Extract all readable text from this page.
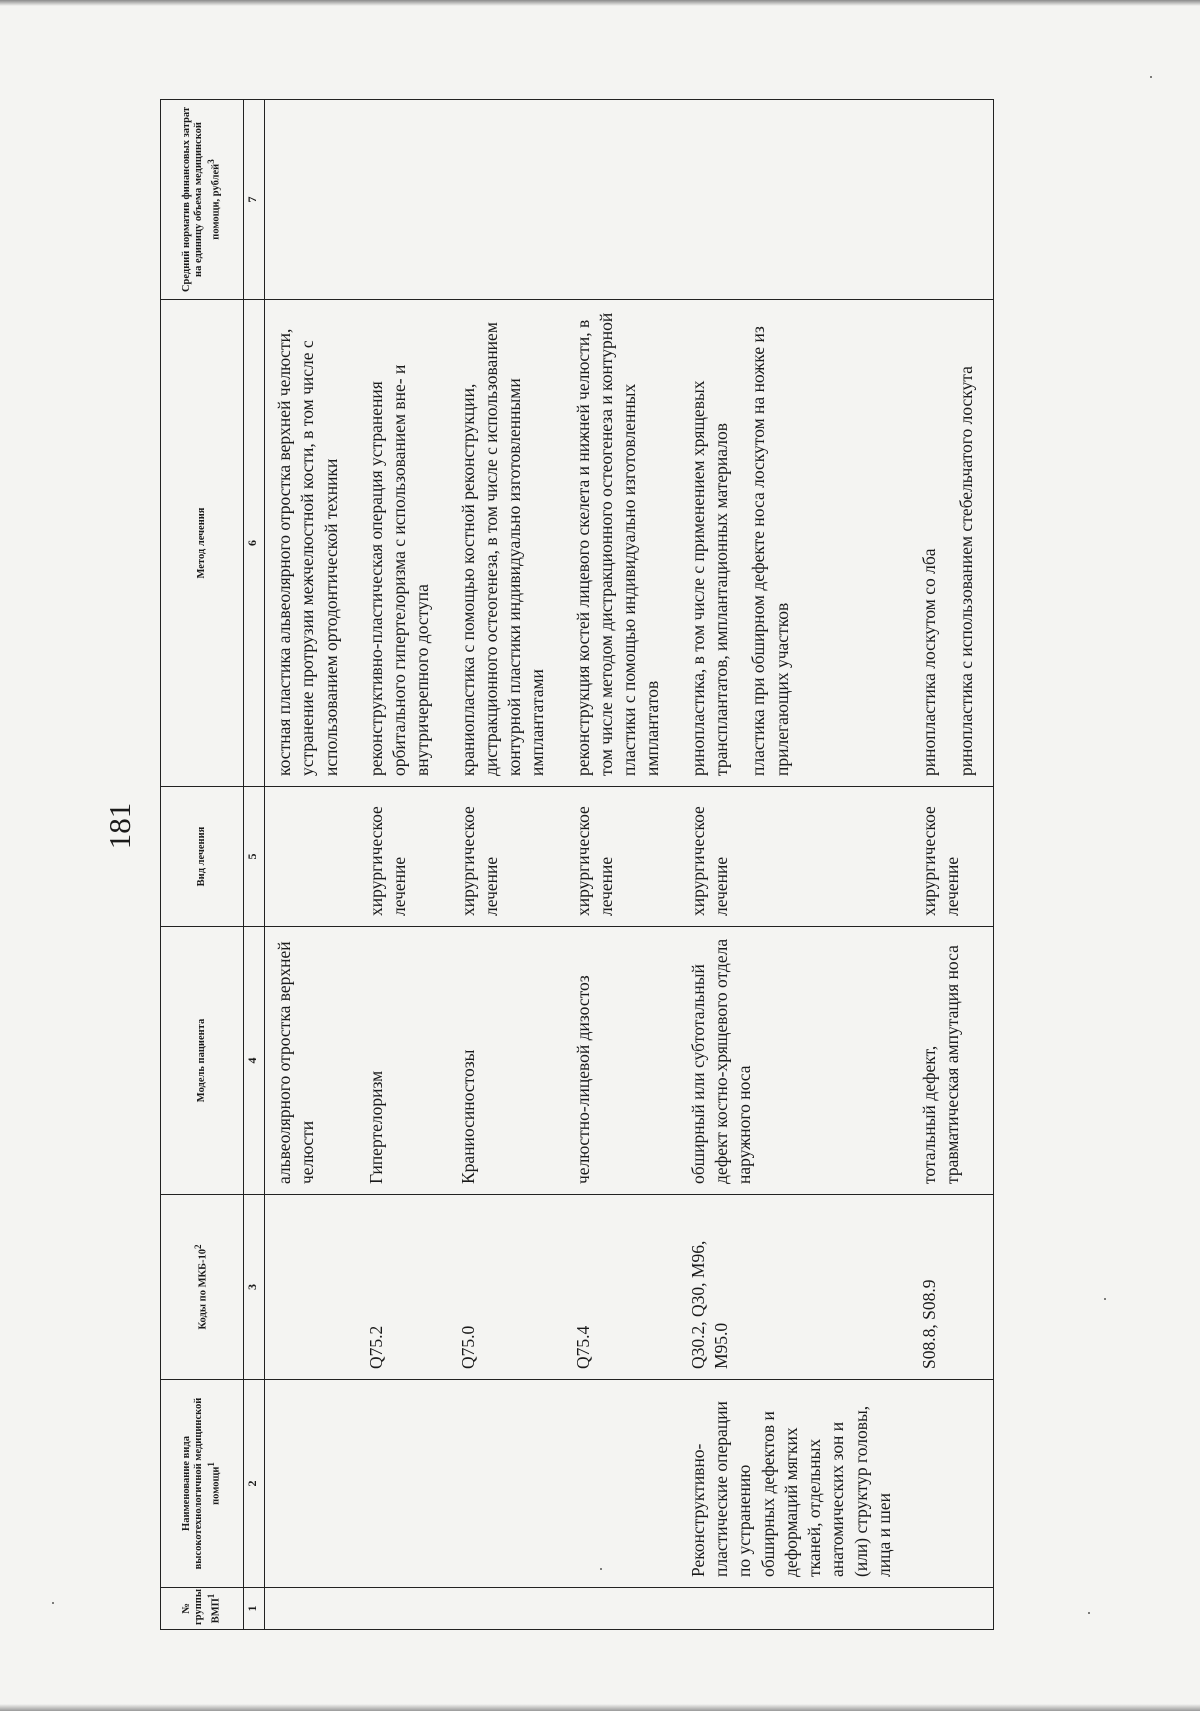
181
№ группы ВМП$^1$	Наименование вида высокотехнологичной медицинской помощи$^1$	Коды по МКБ-$10^2$	Модель пациента	Вид лечения	Метод лечения	Средний норматив финансовых затрат на единицу объема медицинской помощи, рублей$^3$
1	2	3	4	5	6	7
			альвеолярного отростка верхней челюсти		костная пластика альвеолярного отростка верхней челюсти, устранение протрузии межчелюстной кости, в том числе с использованием ортодонтической техники	

		Q75.2	Гипертелоризм	хирургическое лечение	реконструктивно-пластическая операция устранения орбитального гипертелоризма с использованием вне- и внутричерепного доступа	

		Q75.0	Краниосиностозы	хирургическое лечение	краниопластика с помощью костной реконструкции, дистракционного остеогенеза, в том числе с использованием контурной пластики индивидуально изготовленными имплантатами	

		Q75.4	челюстно-лицевой дизостоз	хирургическое лечение	реконструкция костей лицевого скелета и нижней челюсти, в том числе методом дистракционного остеогенеза и контурной пластики с помощью индивидуально изготовленных имплантатов	

	Реконструктивно-пластические операции по устранению обширных дефектов и деформаций мягких тканей, отдельных анатомических зон и (или) структур головы, лица и шеи	Q30.2, Q30, M96, M95.0	обширный или субтотальный дефект костно-хрящевого отдела наружного носа	хирургическое лечение	ринопластика, в том числе с применением хрящевых трансплантатов, имплантационных материалов пластика при обширном дефекте носа лоскутом на ножке из прилегающих участков	

		S08.8, S08.9	тотальный дефект, травматическая ампутация носа	хирургическое лечение	ринопластика лоскутом со лба ринопластика с использованием стебельчатого лоскута	
